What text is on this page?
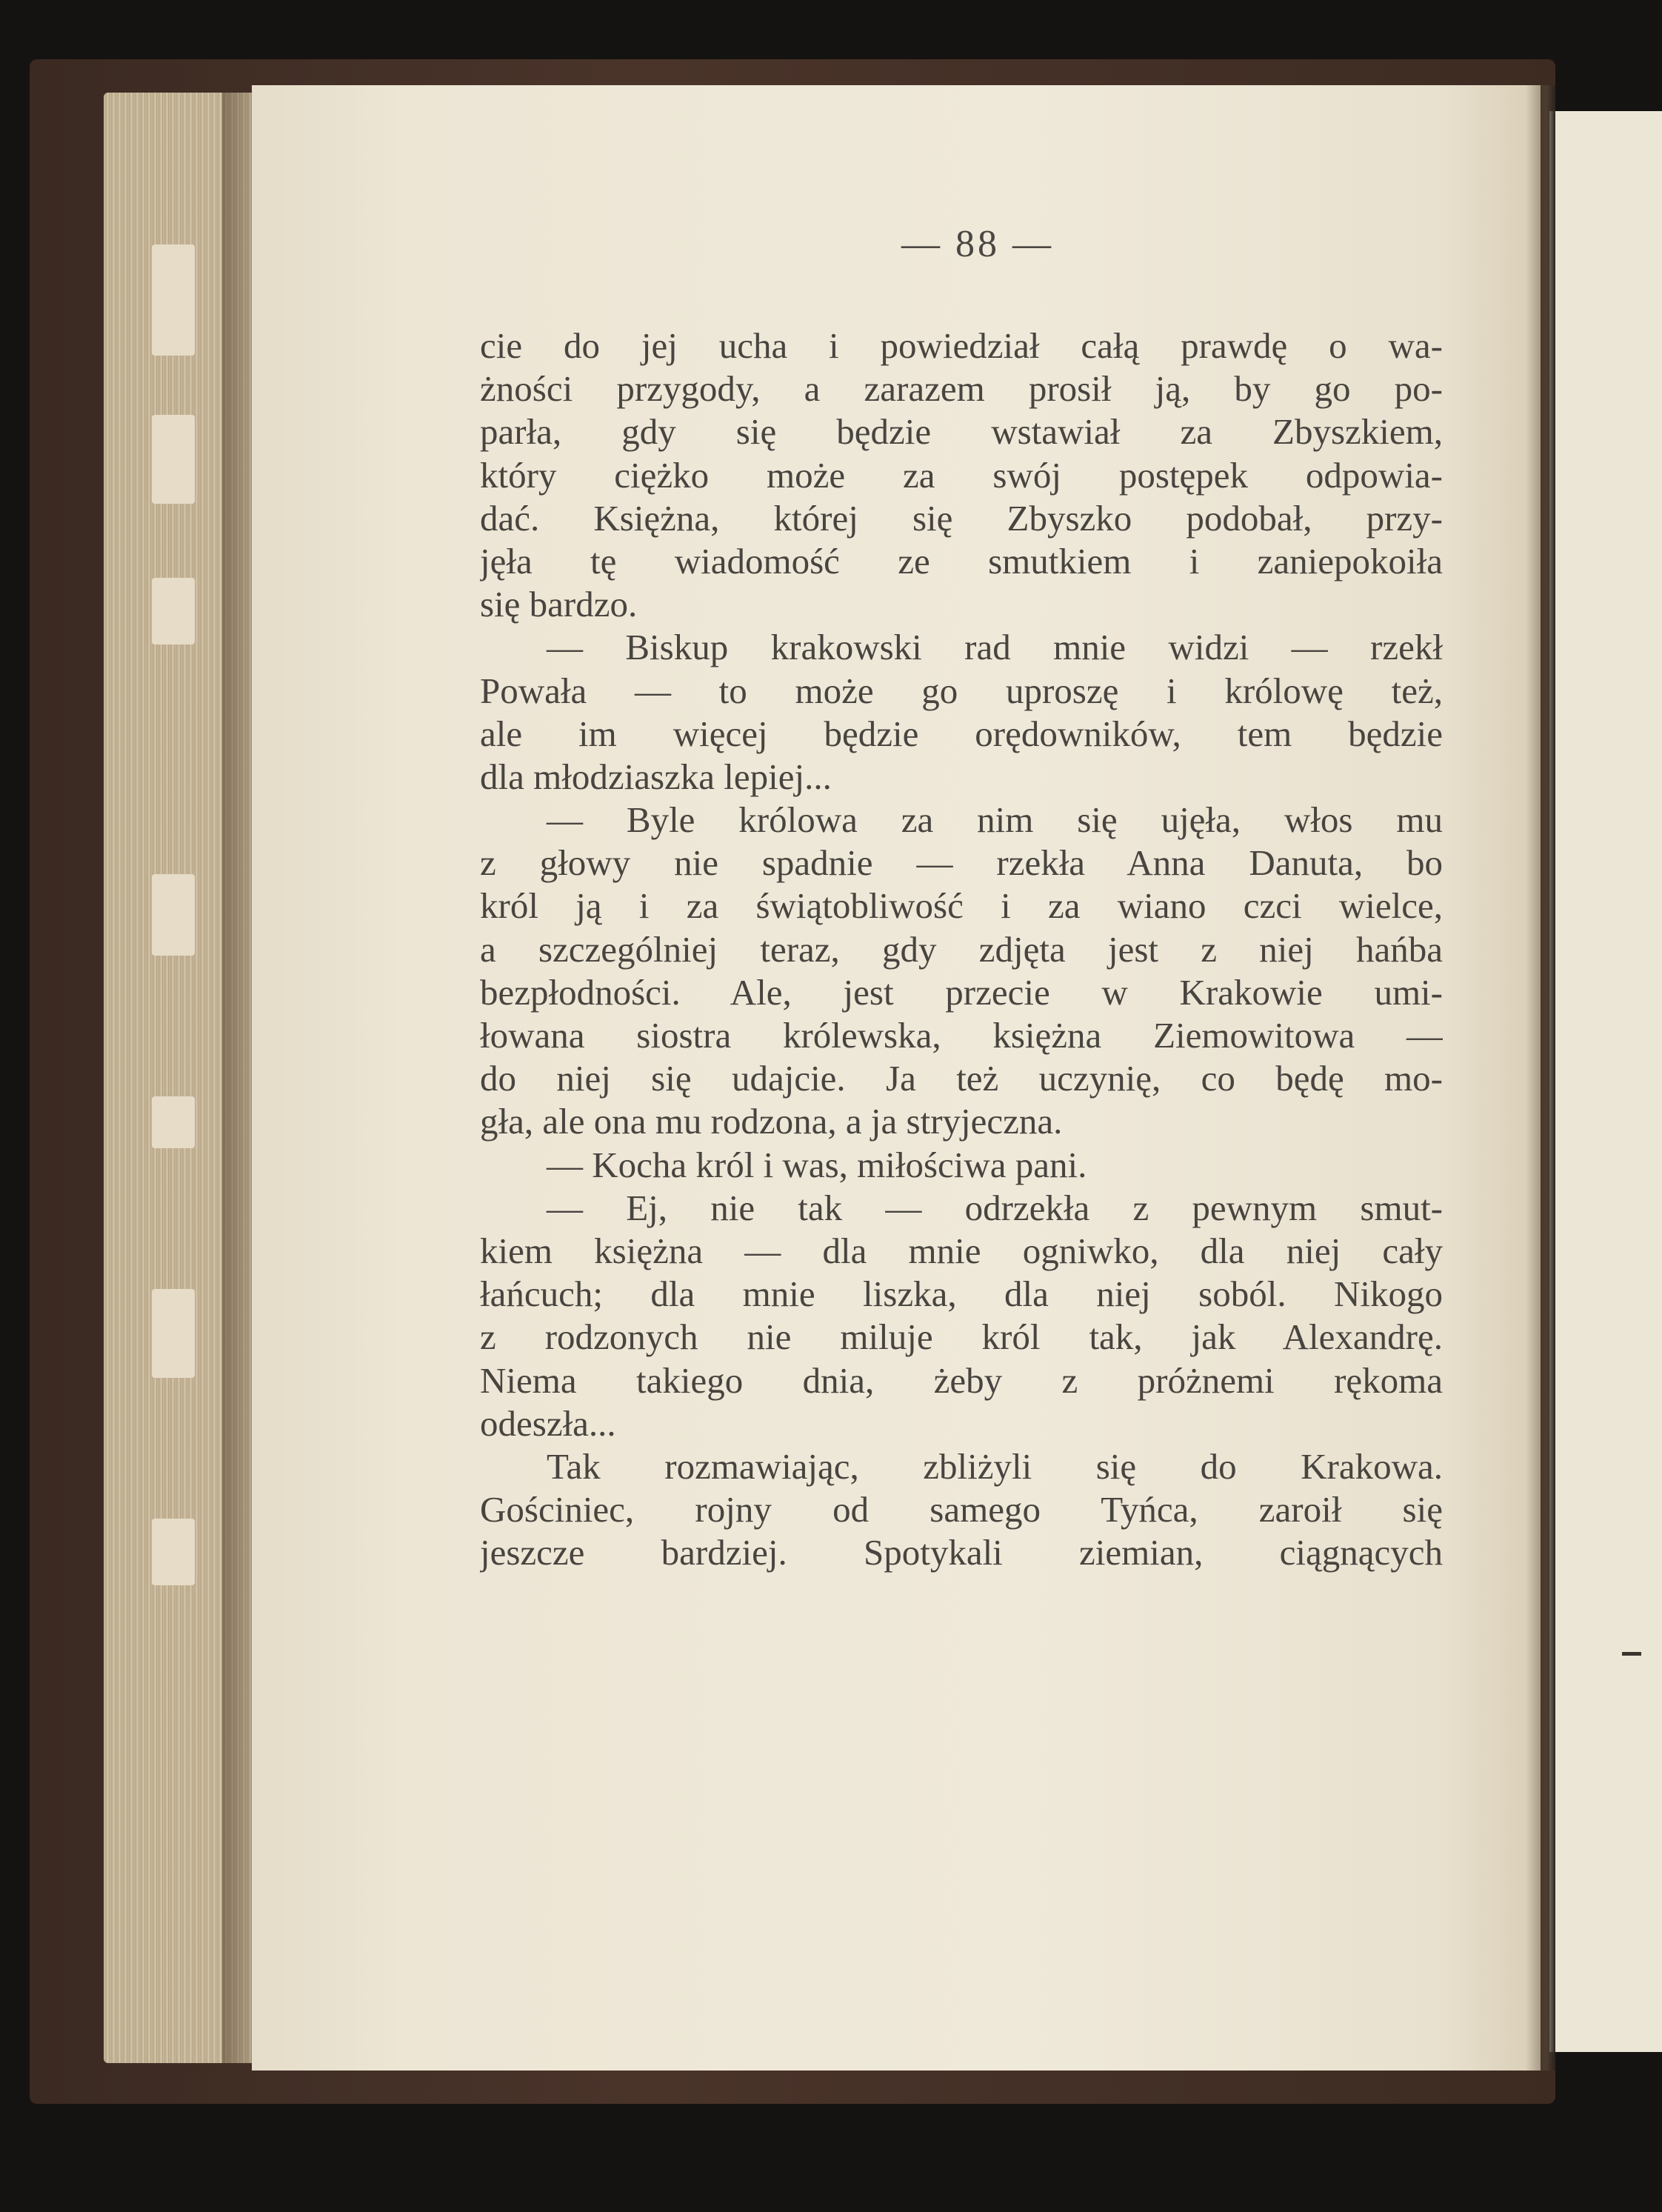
— 88 —
cie do jej ucha i powiedział całą prawdę o wa-
żności przygody, a zarazem prosił ją, by go po-
parła, gdy się będzie wstawiał za Zbyszkiem,
który ciężko może za swój postępek odpowia-
dać. Księżna, której się Zbyszko podobał, przy-
jęła tę wiadomość ze smutkiem i zaniepokoiła
się bardzo.
— Biskup krakowski rad mnie widzi — rzekł
Powała — to może go uproszę i królowę też,
ale im więcej będzie orędowników, tem będzie
dla młodziaszka lepiej...
— Byle królowa za nim się ujęła, włos mu
z głowy nie spadnie — rzekła Anna Danuta, bo
król ją i za świątobliwość i za wiano czci wielce,
a szczególniej teraz, gdy zdjęta jest z niej hańba
bezpłodności. Ale, jest przecie w Krakowie umi-
łowana siostra królewska, księżna Ziemowitowa —
do niej się udajcie. Ja też uczynię, co będę mo-
gła, ale ona mu rodzona, a ja stryjeczna.
— Kocha król i was, miłościwa pani.
— Ej, nie tak — odrzekła z pewnym smut-
kiem księżna — dla mnie ogniwko, dla niej cały
łańcuch; dla mnie liszka, dla niej soból. Nikogo
z rodzonych nie miluje król tak, jak Alexandrę.
Niema takiego dnia, żeby z próżnemi rękoma
odeszła...
Tak rozmawiając, zbliżyli się do Krakowa.
Gościniec, rojny od samego Tyńca, zaroił się
jeszcze bardziej. Spotykali ziemian, ciągnących
